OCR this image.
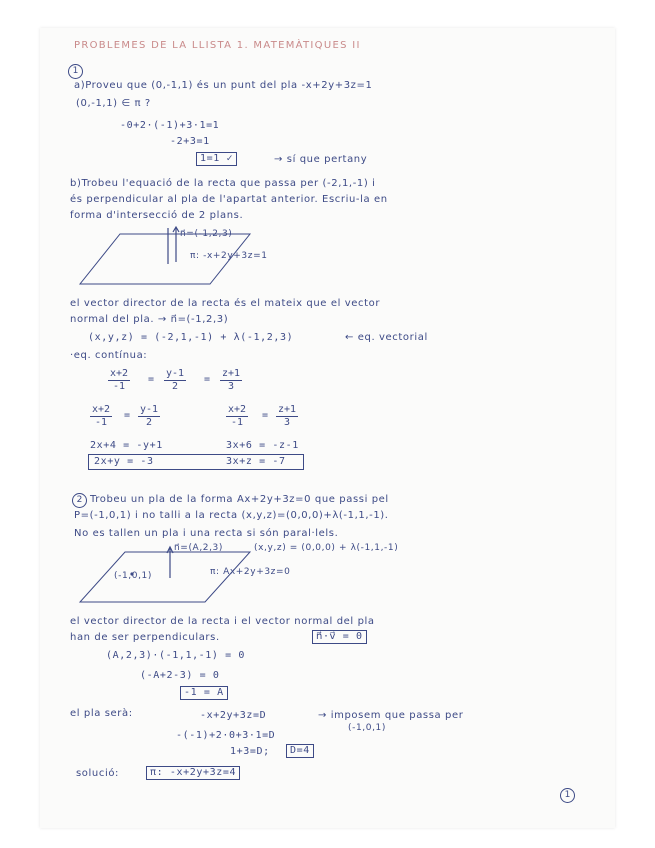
PROBLEMES DE LA LLISTA 1. MATEMÀTIQUES II
1
a)Proveu que (0,-1,1) és un punt del pla -x+2y+3z=1
(0,-1,1) ∈ π ?
-0+2·(-1)+3·1=1
-2+3=1
1=1 ✓	→ sí que pertany
b)Trobeu l'equació de la recta que passa per (-2,1,-1) i
és perpendicular al pla de l'apartat anterior. Escriu-la en
forma d'intersecció de 2 plans.
n⃗=(-1,2,3)
π: -x+2y+3z=1
el vector director de la recta és el mateix que el vector
normal del pla. → n⃗=(-1,2,3)
(x,y,z) = (-2,1,-1) + λ(-1,2,3)	← eq. vectorial
·eq. contínua:
$\frac{x+2}{-1} = \frac{y-1}{2} = \frac{z+1}{3}$
$\frac{x+2}{-1} = \frac{y-1}{2}$	$\frac{x+2}{-1} = \frac{z+1}{3}$
2x+4 = -y+1	3x+6 = -z-1
2x+y = -3	3x+z = -7
2 Trobeu un pla de la forma Ax+2y+3z=0 que passi pel
P=(-1,0,1) i no talli a la recta (x,y,z)=(0,0,0)+λ(-1,1,-1).
No es tallen un pla i una recta si són paral·lels.
n⃗=(A,2,3)	(x,y,z) = (0,0,0) + λ(-1,1,-1)
(-1,0,1)	π: Ax+2y+3z=0
el vector director de la recta i el vector normal del pla
han de ser perpendiculars.	n⃗·v⃗ = 0
(A,2,3)·(-1,1,-1) = 0
(-A+2-3) = 0
-1 = A
el pla serà:	-x+2y+3z=D	→ imposem que passa per
(-1,0,1)
-(-1)+2·0+3·1=D
1+3=D;	D=4
solució:	π: -x+2y+3z=4
1
